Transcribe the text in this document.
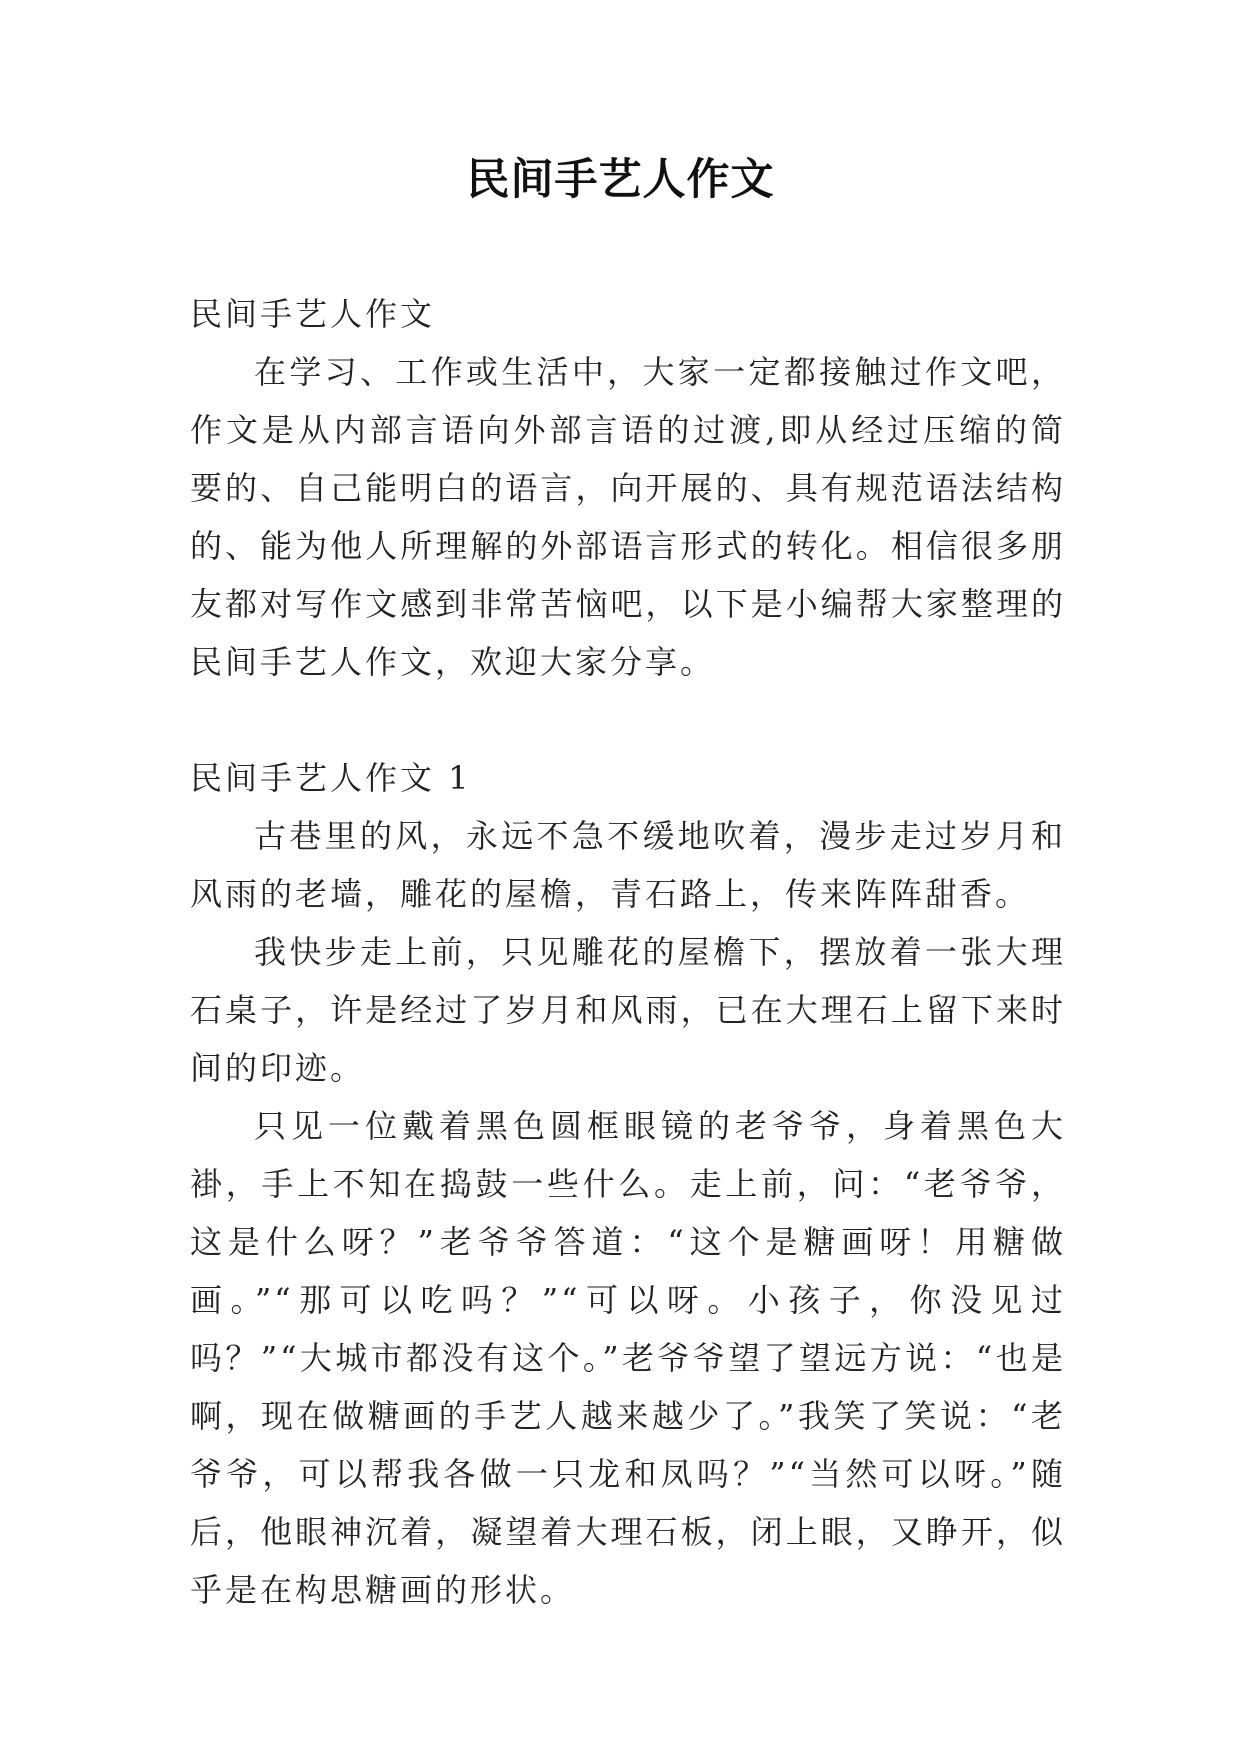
民间手艺人作文

民间手艺人作文

在学习、工作或生活中，大家一定都接触过作文吧，作文是从内部言语向外部言语的过渡,即从经过压缩的简要的、自己能明白的语言，向开展的、具有规范语法结构的、能为他人所理解的外部语言形式的转化。相信很多朋友都对写作文感到非常苦恼吧，以下是小编帮大家整理的民间手艺人作文，欢迎大家分享。

民间手艺人作文 1

古巷里的风，永远不急不缓地吹着，漫步走过岁月和风雨的老墙，雕花的屋檐，青石路上，传来阵阵甜香。

我快步走上前，只见雕花的屋檐下，摆放着一张大理石桌子，许是经过了岁月和风雨，已在大理石上留下来时间的印迹。

只见一位戴着黑色圆框眼镜的老爷爷，身着黑色大褂，手上不知在捣鼓一些什么。走上前，问：“老爷爷，这是什么呀？”老爷爷答道：“这个是糖画呀！用糖做画。”“那可以吃吗？”“可以呀。小孩子，你没见过吗？”“大城市都没有这个。”老爷爷望了望远方说：“也是啊，现在做糖画的手艺人越来越少了。”我笑了笑说：“老爷爷，可以帮我各做一只龙和凤吗？”“当然可以呀。”随后，他眼神沉着，凝望着大理石板，闭上眼，又睁开，似乎是在构思糖画的形状。
